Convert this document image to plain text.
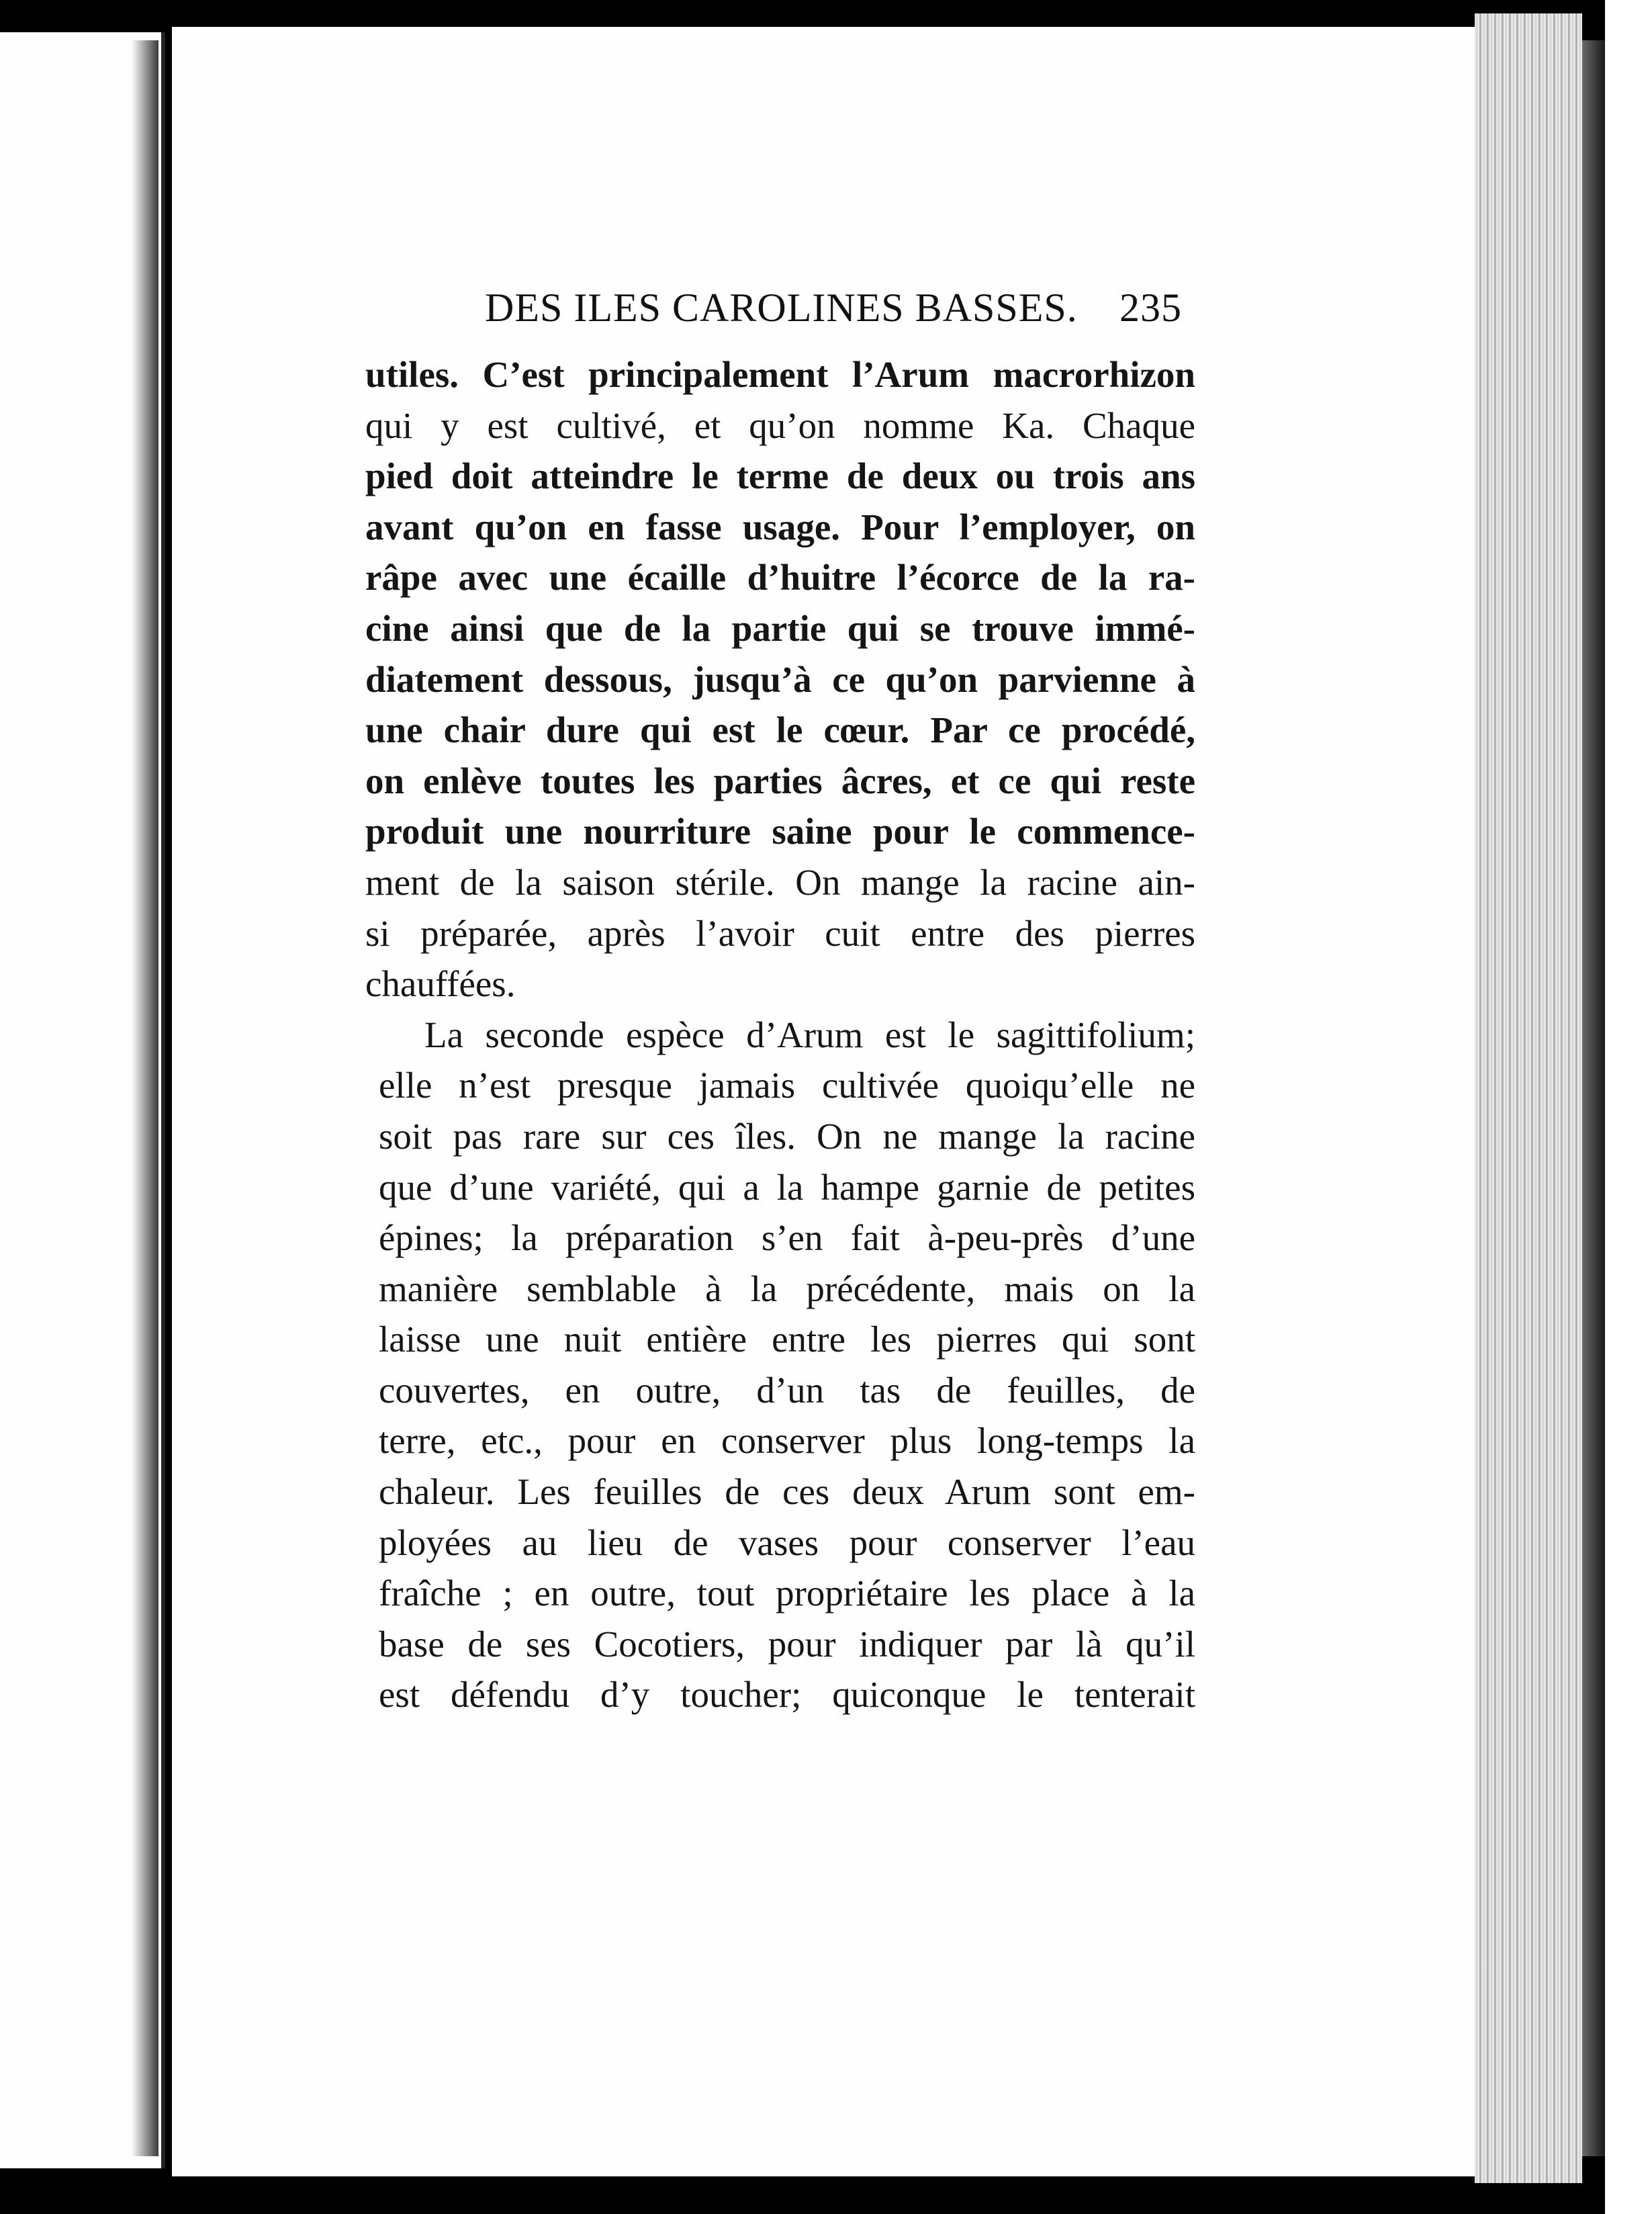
DES ILES CAROLINES BASSES. 235
utiles. C’est principalement l’Arum macrorhizon
qui y est cultivé, et qu’on nomme Ka. Chaque
pied doit atteindre le terme de deux ou trois ans
avant qu’on en fasse usage. Pour l’employer, on
râpe avec une écaille d’huitre l’écorce de la ra-
cine ainsi que de la partie qui se trouve immé-
diatement dessous, jusqu’à ce qu’on parvienne à
une chair dure qui est le cœur. Par ce procédé,
on enlève toutes les parties âcres, et ce qui reste
produit une nourriture saine pour le commence-
ment de la saison stérile. On mange la racine ain-
si préparée, après l’avoir cuit entre des pierres
chauffées.
La seconde espèce d’Arum est le sagittifolium;
elle n’est presque jamais cultivée quoiqu’elle ne
soit pas rare sur ces îles. On ne mange la racine
que d’une variété, qui a la hampe garnie de petites
épines; la préparation s’en fait à-peu-près d’une
manière semblable à la précédente, mais on la
laisse une nuit entière entre les pierres qui sont
couvertes, en outre, d’un tas de feuilles, de
terre, etc., pour en conserver plus long-temps la
chaleur. Les feuilles de ces deux Arum sont em-
ployées au lieu de vases pour conserver l’eau
fraîche ; en outre, tout propriétaire les place à la
base de ses Cocotiers, pour indiquer par là qu’il
est défendu d’y toucher; quiconque le tenterait
